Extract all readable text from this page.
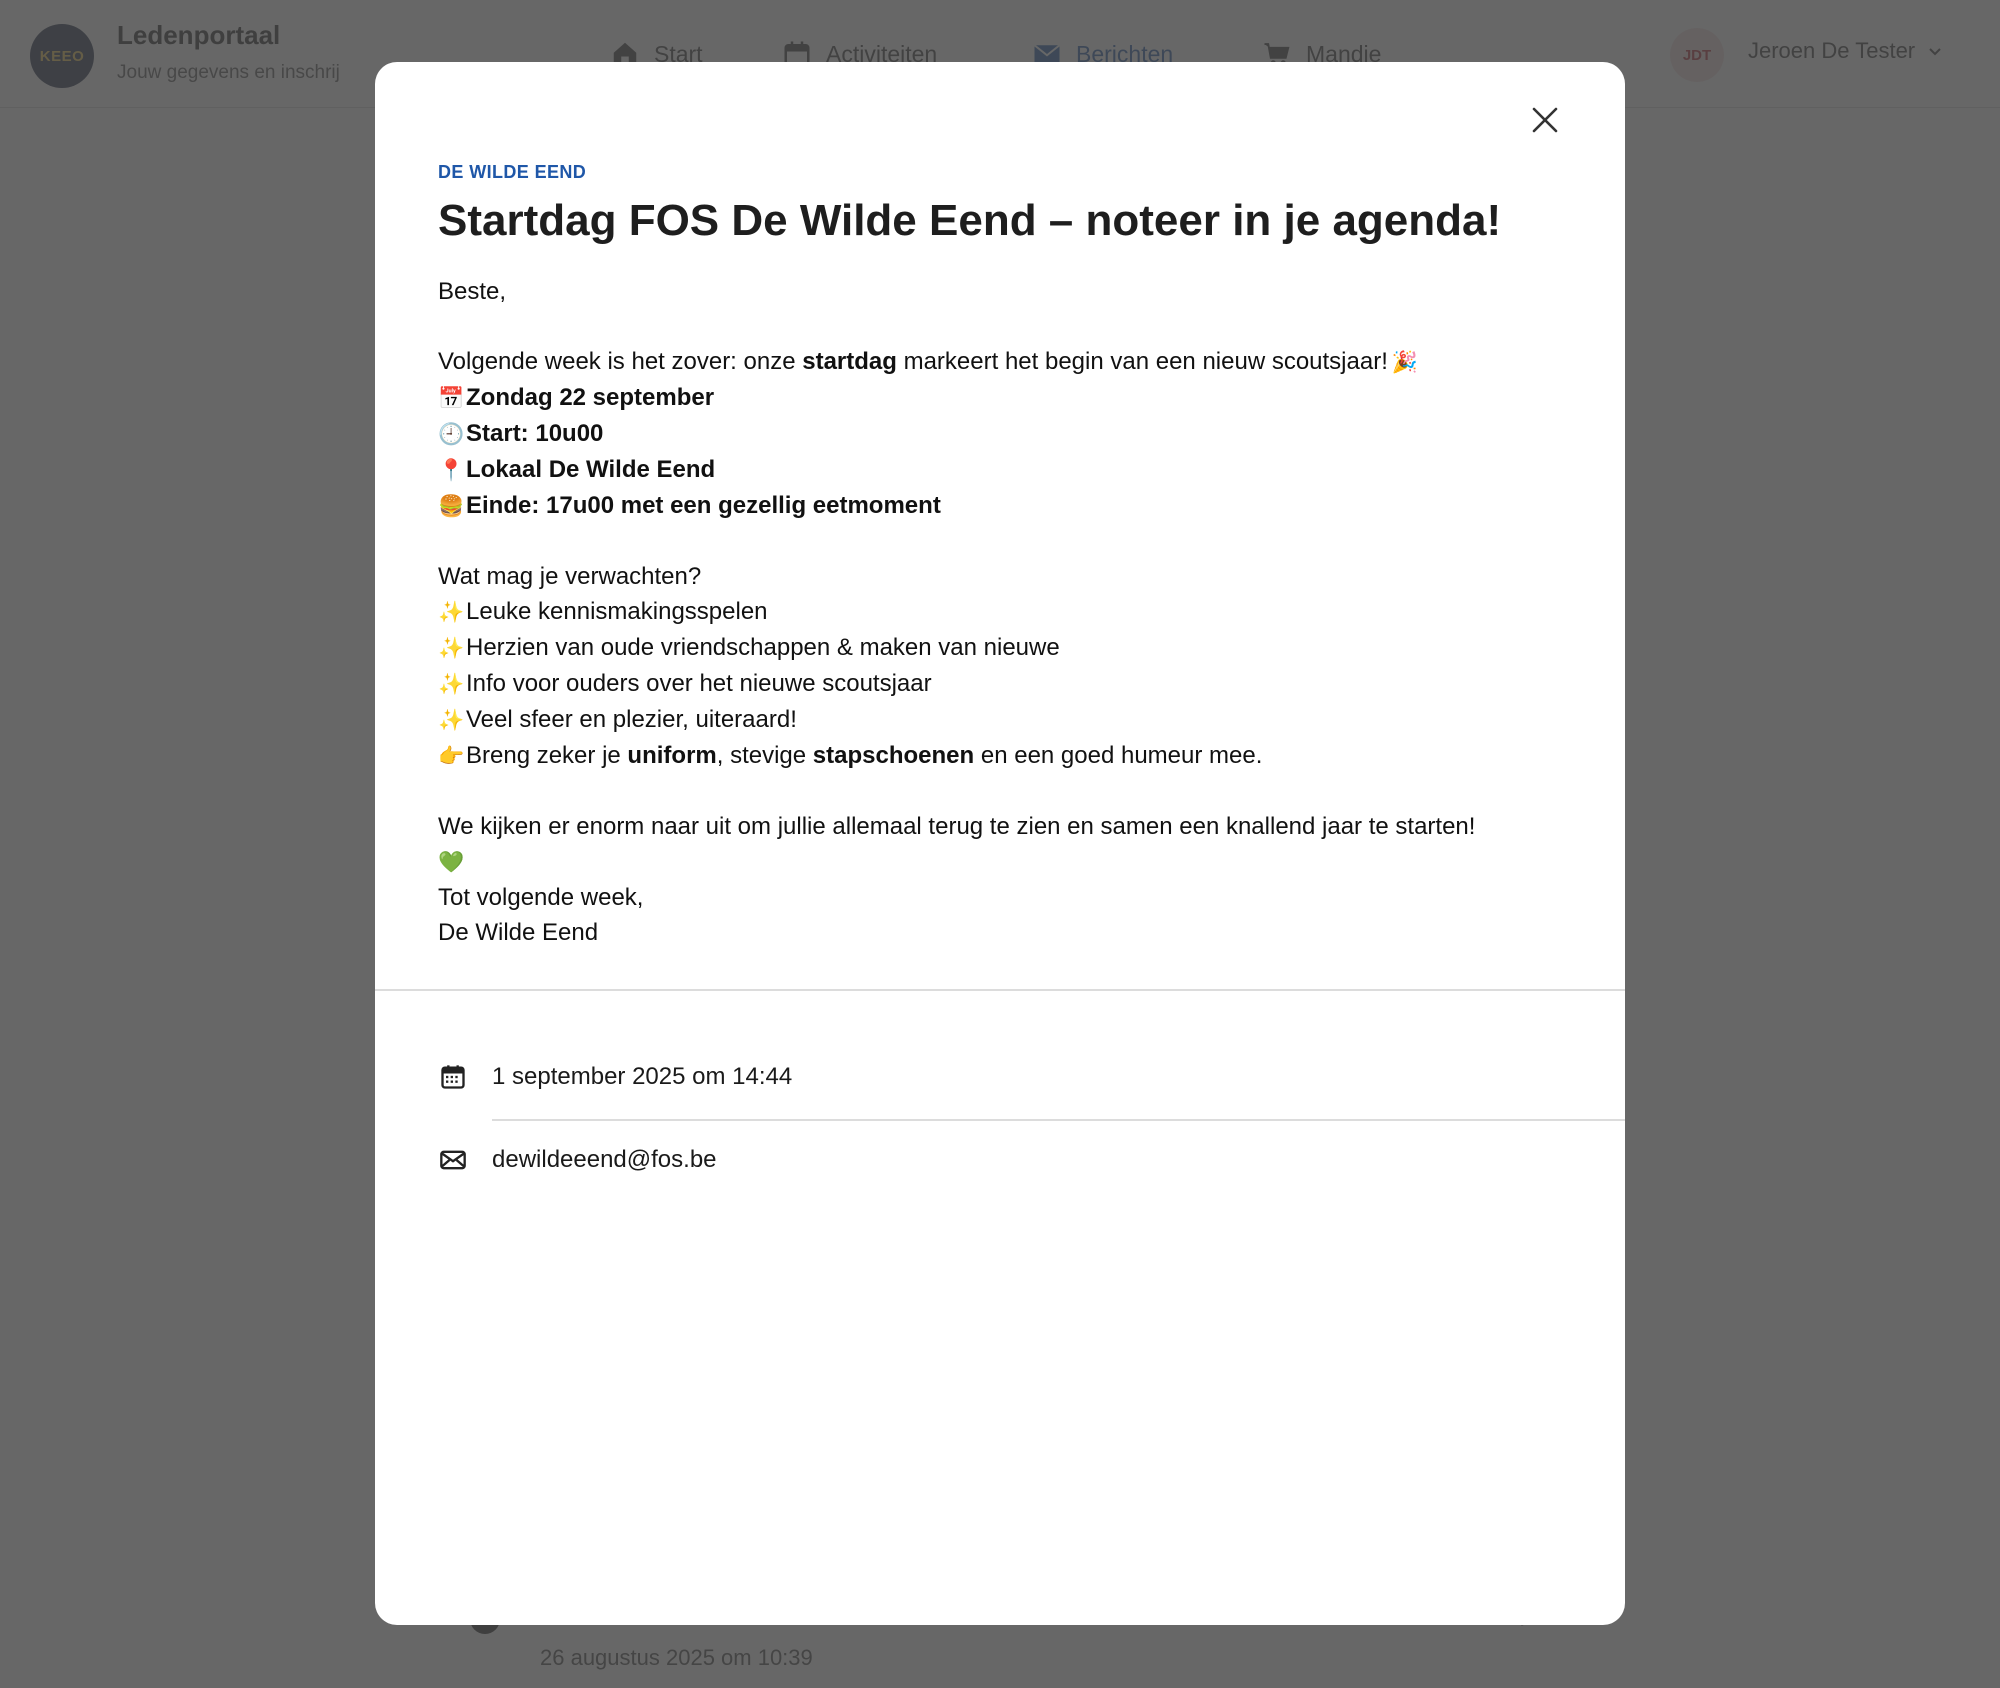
DE WILDE EEND
Startdag FOS De Wilde Eend – noteer in je agenda!
Beste,
Volgende week is het zover: onze startdag markeert het begin van een nieuw scoutsjaar! 🎉
📅Zondag 22 september
🕘Start: 10u00
📍Lokaal De Wilde Eend
🍔Einde: 17u00 met een gezellig eetmoment
Wat mag je verwachten?
✨Leuke kennismakingsspelen
✨Herzien van oude vriendschappen & maken van nieuwe
✨Info voor ouders over het nieuwe scoutsjaar
✨Veel sfeer en plezier, uiteraard!
👉Breng zeker je uniform, stevige stapschoenen en een goed humeur mee.
We kijken er enorm naar uit om jullie allemaal terug te zien en samen een knallend jaar te starten!
💚
Tot volgende week,
De Wilde Eend
1 september 2025 om 14:44
dewildeeend@fos.be
